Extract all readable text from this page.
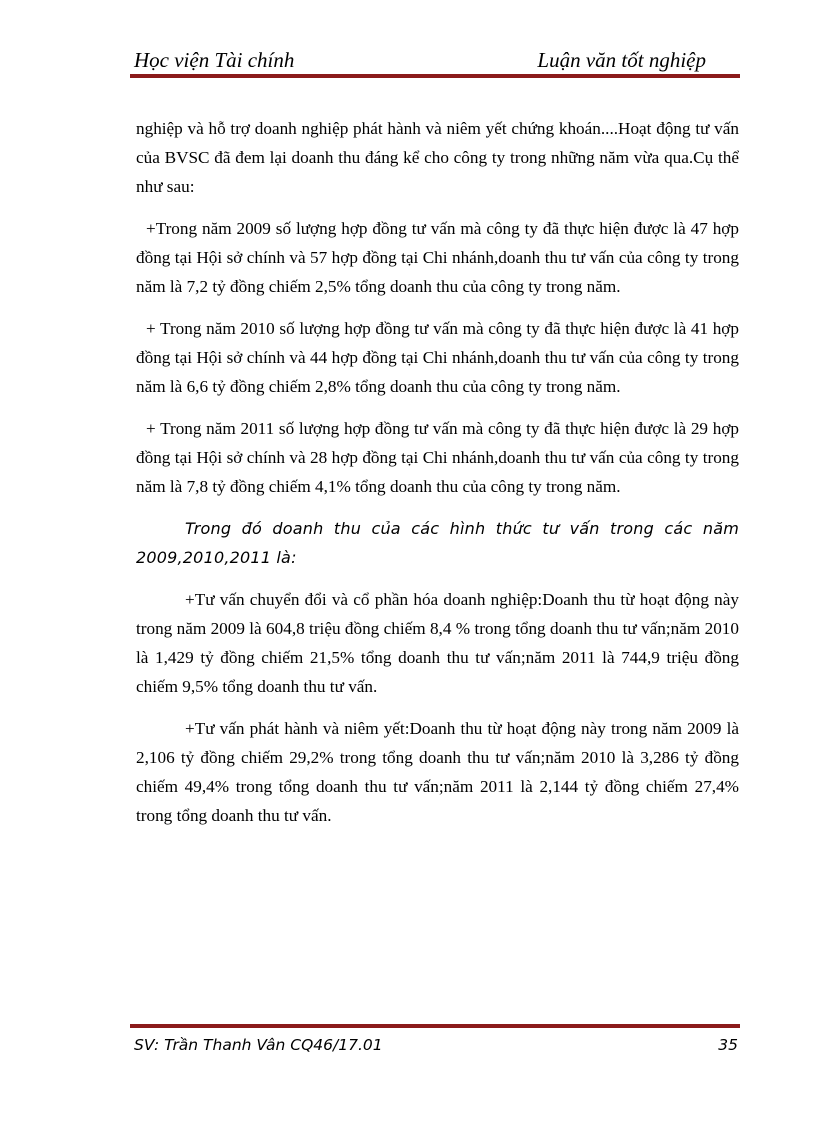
Học viện Tài chính	Luận văn tốt nghiệp

nghiệp và hỗ trợ doanh nghiệp phát hành và niêm yết chứng khoán....Hoạt động tư vấn của BVSC đã đem lại doanh thu đáng kể cho công ty trong những năm vừa qua.Cụ thể như sau:

+Trong năm 2009 số lượng hợp đồng tư vấn mà công ty đã thực hiện được là 47 hợp đồng tại Hội sở chính và 57 hợp đồng tại Chi nhánh,doanh thu tư vấn của công ty trong năm là 7,2 tỷ đồng chiếm 2,5% tổng doanh thu của công ty trong năm.

+ Trong năm 2010 số lượng hợp đồng tư vấn mà công ty đã thực hiện được là 41 hợp đồng tại Hội sở chính và 44 hợp đồng tại Chi nhánh,doanh thu tư vấn của công ty trong năm là 6,6 tỷ đồng chiếm 2,8% tổng doanh thu của công ty trong năm.

+ Trong năm 2011 số lượng hợp đồng tư vấn mà công ty đã thực hiện được là 29 hợp đồng tại Hội sở chính và 28 hợp đồng tại Chi nhánh,doanh thu tư vấn của công ty trong năm là 7,8 tỷ đồng chiếm 4,1% tổng doanh thu của công ty trong năm.

Trong đó doanh thu của các hình thức tư vấn trong các năm 2009,2010,2011 là:

+Tư vấn chuyển đổi và cổ phần hóa doanh nghiệp:Doanh thu từ hoạt động này trong năm 2009 là 604,8 triệu đồng chiếm 8,4 % trong tổng doanh thu tư vấn;năm 2010 là 1,429 tỷ đồng chiếm 21,5% tổng doanh thu tư vấn;năm 2011 là 744,9 triệu đồng chiếm 9,5% tổng doanh thu tư vấn.

+Tư vấn phát hành và niêm yết:Doanh thu từ hoạt động này trong năm 2009 là 2,106 tỷ đồng chiếm 29,2% trong tổng doanh thu tư vấn;năm 2010 là 3,286 tỷ đồng chiếm 49,4% trong tổng doanh thu tư vấn;năm 2011 là 2,144 tỷ đồng chiếm 27,4% trong tổng doanh thu tư vấn.

SV: Trần Thanh Vân CQ46/17.01	35
